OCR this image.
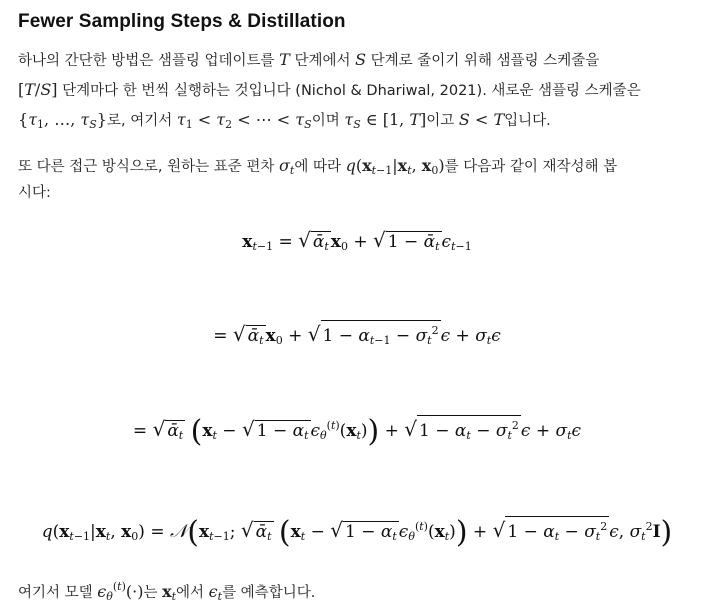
Fewer Sampling Steps & Distillation
하나의 간단한 방법은 샘플링 업데이트를 T 단계에서 S 단계로 줄이기 위해 샘플링 스케줄을
[T/S] 단계마다 한 번씩 실행하는 것입니다 (Nichol & Dhariwal, 2021). 새로운 샘플링 스케줄은
{$\tau_1$, …, $\tau_S$}로, 여기서 $\tau_1 < \tau_2$ < ⋯ < $\tau_S$이며 $\tau_S$ ∈ [1, T]이고 S < T입니다.
또 다른 접근 방식으로, 원하는 표준 편차 $\sigma_t$에 따라 $q(x_{t-1}|x_t$, $x_0$)를 다음과 같이 재작성해 봅
시다:
$x_{t-1}$ = √ ᾱ$_t$ $x_0$ + √ 1 − ᾱ$_t$ $\epsilon_{t-1}$
= √ ᾱ$_t$ $x_0$ + √ $1 - \alpha_{t-1} - \sigma_t^2$ $\epsilon + \sigma_t\epsilon$
= √ ᾱ$_t$ ($x_t$ − √ $1 - \alpha_t$ $\epsilon_\theta^{(t)}(x_t)$) + √ $1 - \alpha_t - \sigma_t^2$ $\epsilon + \sigma_t\epsilon$
$q(x_{t-1}|x_t$, $x_0$) = $𝒩(x_{t-1}$; √ ᾱ$_t$ ($x_t$ − √ $1 - \alpha_t$ $\epsilon_\theta^{(t)}(x_t)$) + √ $1 - \alpha_t - \sigma_t^2$ ϵ, $\sigma_t^2I$)
여기서 모델 $\epsilon_\theta^{(t)}(\cdot)$는 $x_t$에서 $\epsilon_t$를 예측합니다.
